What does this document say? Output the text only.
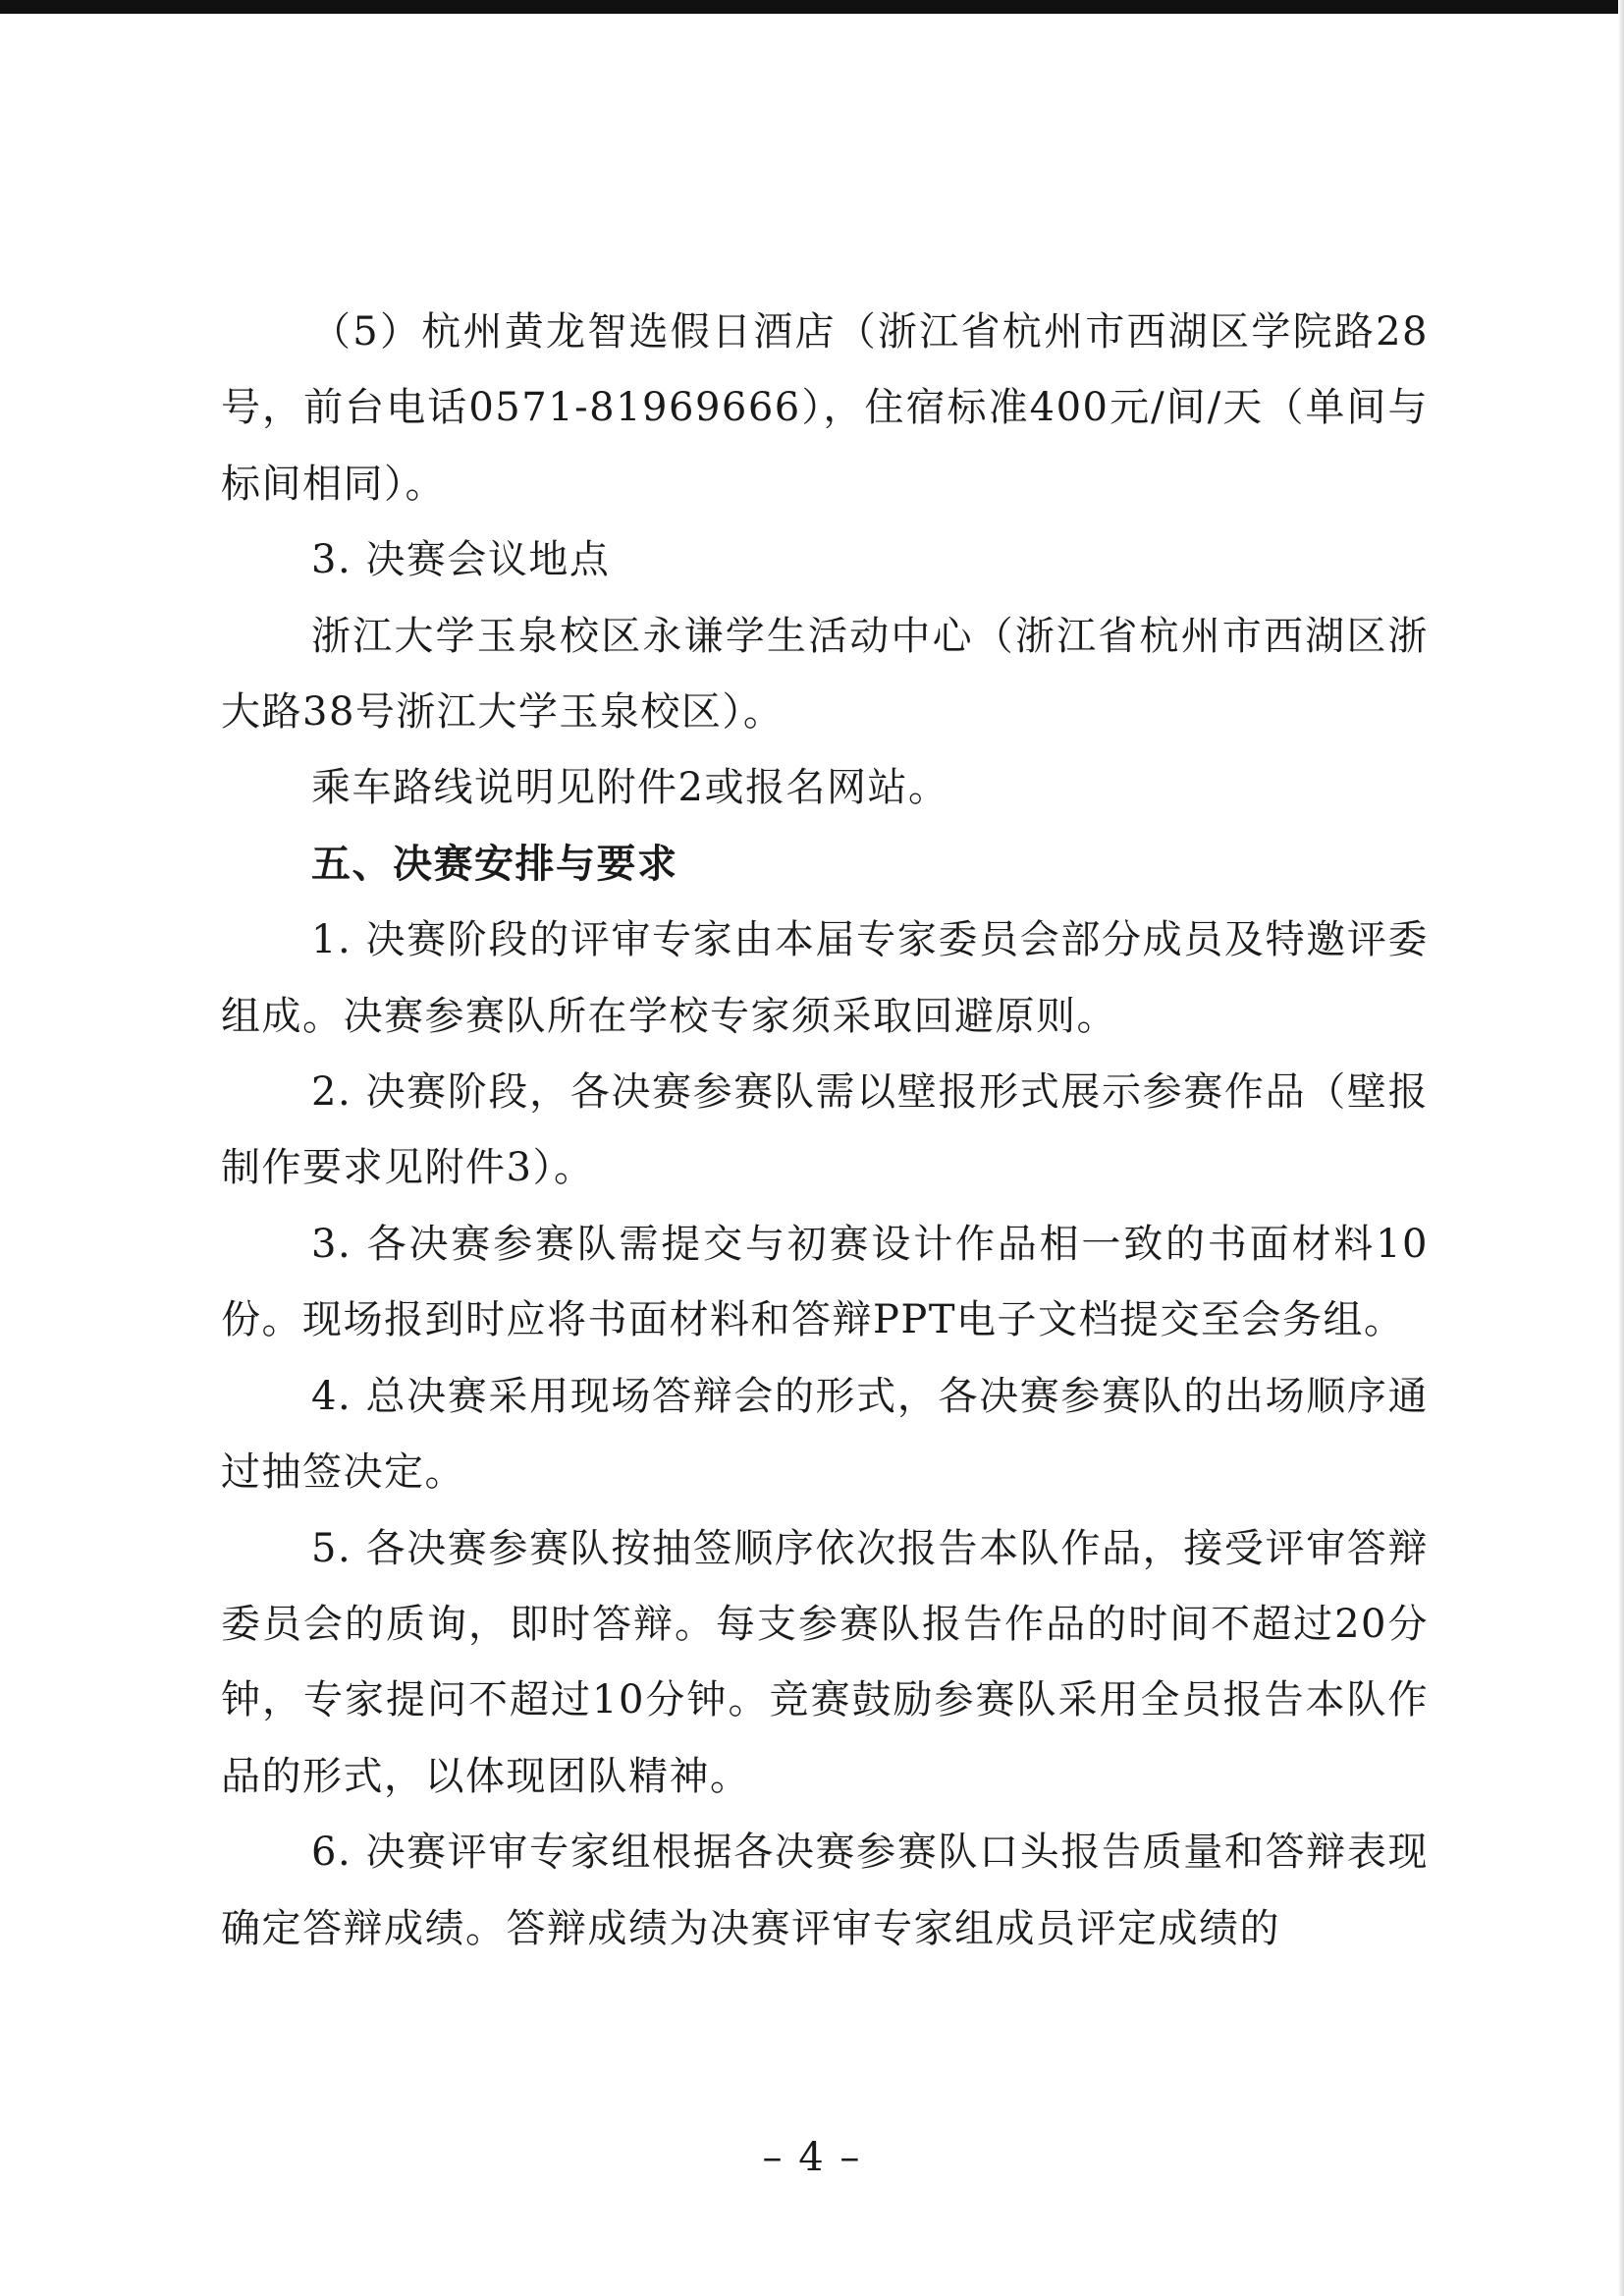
（5）杭州黄龙智选假日酒店（浙江省杭州市西湖区学院路28号，前台电话0571-81969666），住宿标准400元/间/天（单间与标间相同）。

3. 决赛会议地点

浙江大学玉泉校区永谦学生活动中心（浙江省杭州市西湖区浙大路38号浙江大学玉泉校区）。

乘车路线说明见附件2或报名网站。

五、决赛安排与要求

1. 决赛阶段的评审专家由本届专家委员会部分成员及特邀评委组成。决赛参赛队所在学校专家须采取回避原则。

2. 决赛阶段，各决赛参赛队需以壁报形式展示参赛作品（壁报制作要求见附件3）。

3. 各决赛参赛队需提交与初赛设计作品相一致的书面材料10份。现场报到时应将书面材料和答辩PPT电子文档提交至会务组。

4. 总决赛采用现场答辩会的形式，各决赛参赛队的出场顺序通过抽签决定。

5. 各决赛参赛队按抽签顺序依次报告本队作品，接受评审答辩委员会的质询，即时答辩。每支参赛队报告作品的时间不超过20分钟，专家提问不超过10分钟。竞赛鼓励参赛队采用全员报告本队作品的形式，以体现团队精神。

6. 决赛评审专家组根据各决赛参赛队口头报告质量和答辩表现确定答辩成绩。答辩成绩为决赛评审专家组成员评定成绩的

– 4 –
